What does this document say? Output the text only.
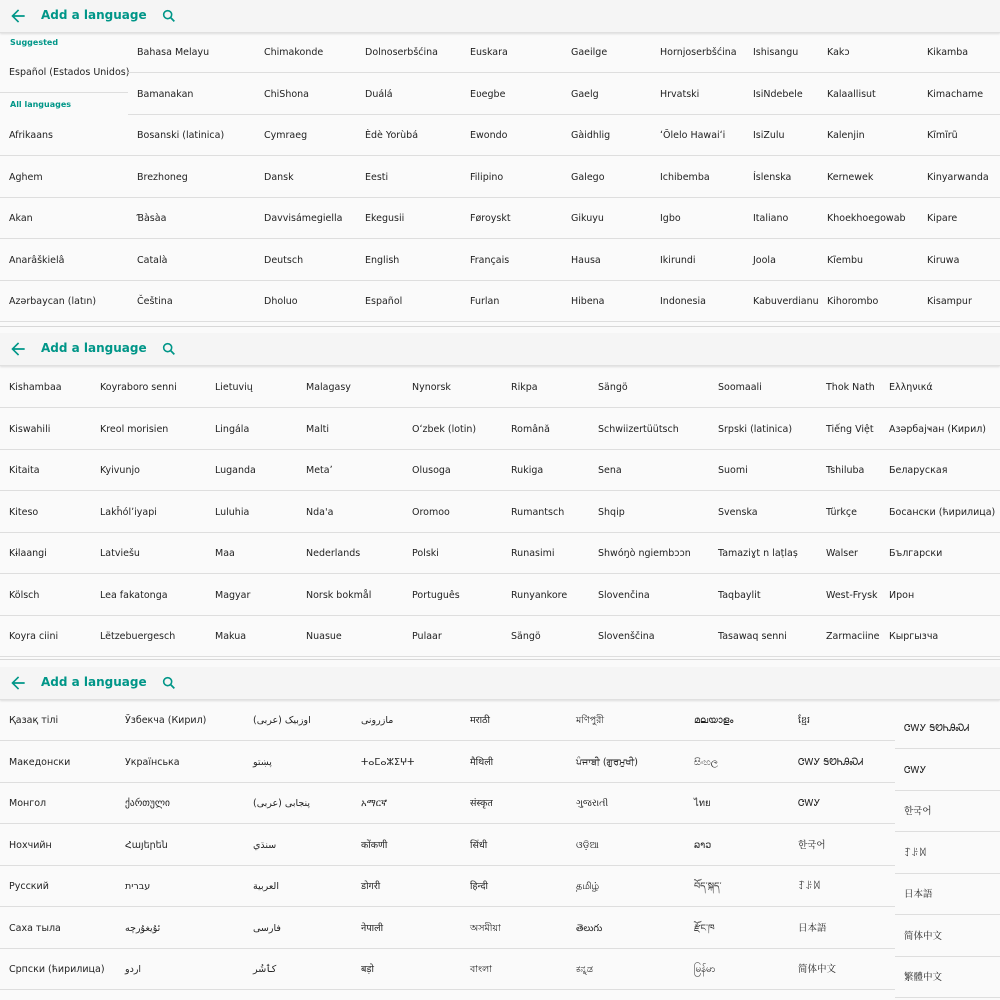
Add a language
Suggested
All languages
Español (Estados Unidos)
Afrikaans
Aghem
Akan
Anarâškielâ
Azərbaycan (latın)
Bahasa Melayu
Bamanakan
Bosanski (latinica)
Brezhoneg
Ɓàsàa
Català
Čeština
Chimakonde
ChiShona
Cymraeg
Dansk
Davvisámegiella
Deutsch
Dholuo
Dolnoserbšćina
Duálá
Èdè Yorùbá
Eesti
Ekegusii
English
Español
Euskara
Eʋegbe
Ewondo
Filipino
Føroyskt
Français
Furlan
Gaeilge
Gaelg
Gàidhlig
Galego
Gikuyu
Hausa
Hibena
Hornjoserbšćina
Hrvatski
ʻŌlelo Hawaiʻi
Ichibemba
Igbo
Ikirundi
Indonesia
Ishisangu
IsiNdebele
IsiZulu
Íslenska
Italiano
Joola
Kabuverdianu
Kakɔ
Kalaallisut
Kalenjin
Kernewek
Khoekhoegowab
Kĩembu
Kihorombo
Kikamba
Kimachame
Kĩmĩrũ
Kinyarwanda
Kipare
Kiruwa
Kisampur
Add a language
Kishambaa
Kiswahili
Kitaita
Kiteso
Kɨlaangi
Kölsch
Koyra ciini
Koyraboro senni
Kreol morisien
Kyivunjo
Lakȟólʼiyapi
Latviešu
Lea fakatonga
Lëtzebuergesch
Lietuvių
Lingála
Luganda
Luluhia
Maa
Magyar
Makua
Malagasy
Malti
Metaʼ
Ndaꞌa
Nederlands
Norsk bokmål
Nuasue
Nynorsk
Oʻzbek (lotin)
Olusoga
Oromoo
Polski
Português
Pulaar
Rikpa
Română
Rukiga
Rumantsch
Runasimi
Runyankore
Sängö
Sängö
Schwiizertüütsch
Sena
Shqip
Shwóŋò ngiembɔɔn
Slovenčina
Slovenščina
Soomaali
Srpski (latinica)
Suomi
Svenska
Tamaziɣt n laṭlaṣ
Taqbaylit
Tasawaq senni
Thok Nath
Tiếng Việt
Tshiluba
Türkçe
Walser
West-Frysk
Zarmaciine
Ελληνικά
Азәрбајҹан (Кирил)
Беларуская
Босански (ћирилица)
Български
Ирон
Кыргызча
Add a language
Қазақ тілі
Македонски
Монгол
Нохчийн
Русский
Саха тыла
Српски (ћирилица)
Ўзбекча (Кирил)
Українська
ქართული
Հայերեն
עברית
ئۇيغۇرچە
اردو
اوزبیک (عربی)
پښتو
پنجابی (عربی)
سنڌي
العربية
فارسی
کٲشُر
مازرونی
ⵜⴰⵎⴰⵣⵉⵖⵜ
አማርኛ
कोंकणी
डोगरी
नेपाली
बड़ो
मराठी
मैथिली
संस्कृत
सिंधी
हिन्दी
অসমীয়া
বাংলা
মণিপুরী
ਪੰਜਾਬੀ (ਗੁਰਮੁਖੀ)
ગુજરાતી
ଓଡ଼ିଆ
தமிழ்
తెలుగు
ಕನ್ನಡ
മലയാളം
සිංහල
ไทย
ລາວ
བོད་སྐད་
རྫོང་ཁ
မြန်မာ
ខ្មែរ
ᏣᎳᎩ ᎦᏬᏂᎯᏍᏗ
ᏣᎳᎩ
한국어
ꆈꌠꉙ
日本語
简体中文
ᏣᎳᎩ ᎦᏬᏂᎯᏍᏗ
ᏣᎳᎩ
한국어
ꆈꌠꉙ
日本語
简体中文
繁體中文
